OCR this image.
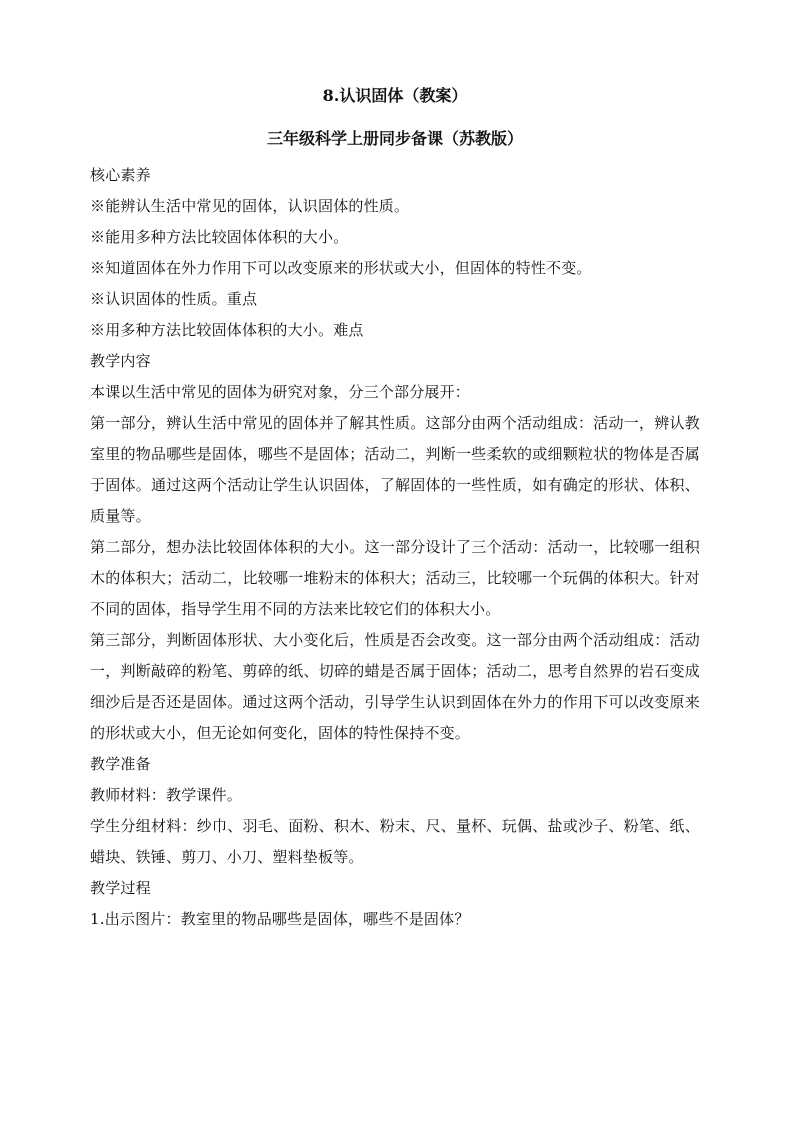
8.认识固体（教案）
三年级科学上册同步备课（苏教版）
核心素养
※能辨认生活中常见的固体，认识固体的性质。
※能用多种方法比较固体体积的大小。
※知道固体在外力作用下可以改变原来的形状或大小，但固体的特性不变。
※认识固体的性质。重点
※用多种方法比较固体体积的大小。难点
教学内容
本课以生活中常见的固体为研究对象，分三个部分展开：
第一部分，辨认生活中常见的固体并了解其性质。这部分由两个活动组成：活动一，辨认教室里的物品哪些是固体，哪些不是固体；活动二，判断一些柔软的或细颗粒状的物体是否属于固体。通过这两个活动让学生认识固体，了解固体的一些性质，如有确定的形状、体积、质量等。
第二部分，想办法比较固体体积的大小。这一部分设计了三个活动：活动一，比较哪一组积木的体积大；活动二，比较哪一堆粉末的体积大；活动三，比较哪一个玩偶的体积大。针对不同的固体，指导学生用不同的方法来比较它们的体积大小。
第三部分，判断固体形状、大小变化后，性质是否会改变。这一部分由两个活动组成：活动一，判断敲碎的粉笔、剪碎的纸、切碎的蜡是否属于固体；活动二，思考自然界的岩石变成细沙后是否还是固体。通过这两个活动，引导学生认识到固体在外力的作用下可以改变原来的形状或大小，但无论如何变化，固体的特性保持不变。
教学准备
教师材料：教学课件。
学生分组材料：纱巾、羽毛、面粉、积木、粉末、尺、量杯、玩偶、盐或沙子、粉笔、纸、蜡块、铁锤、剪刀、小刀、塑料垫板等。
教学过程
1.出示图片：教室里的物品哪些是固体，哪些不是固体？
